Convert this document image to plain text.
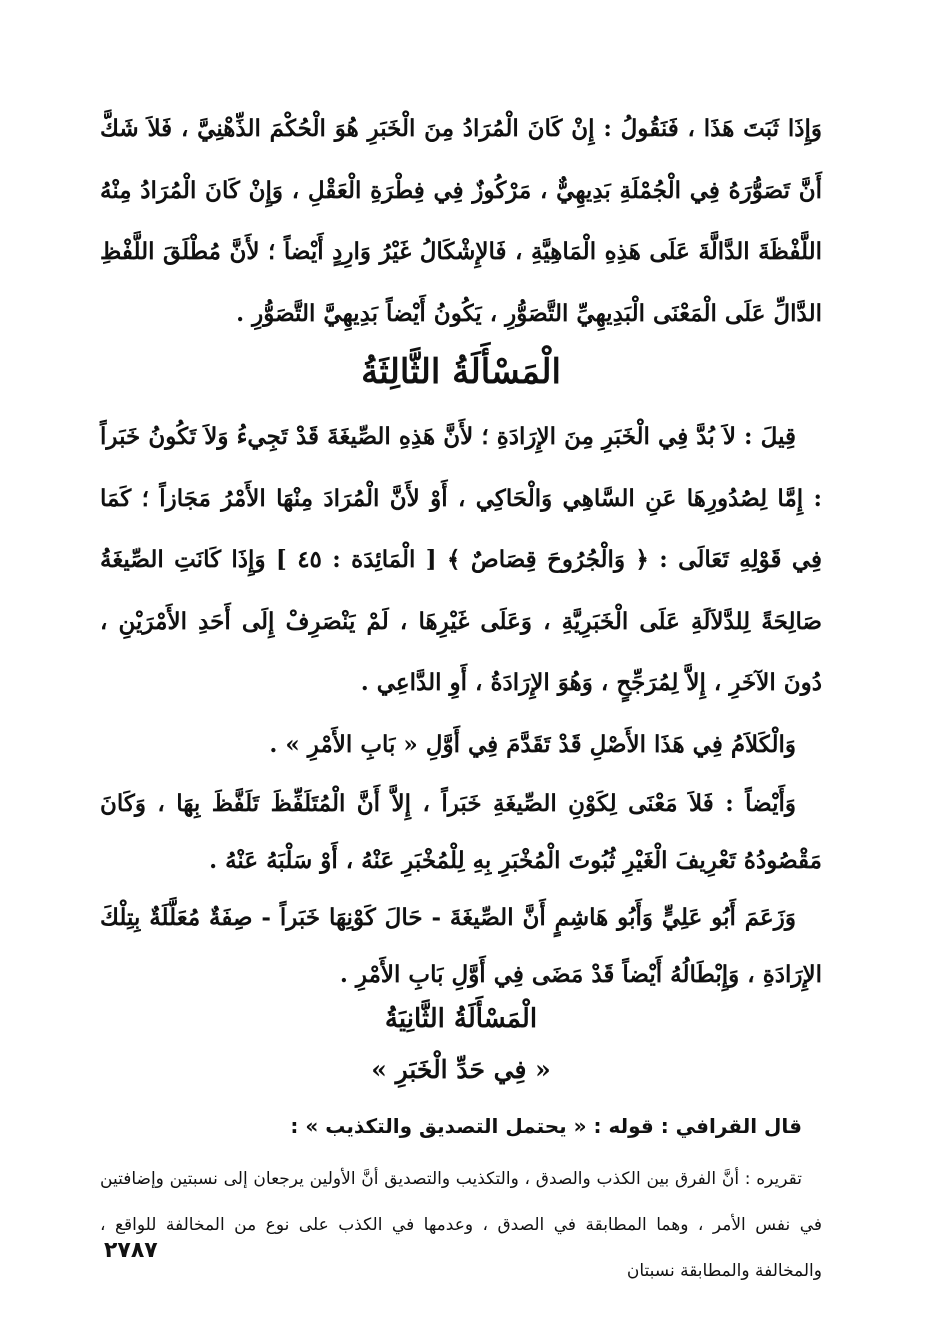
وَإِذَا ثَبَتَ هَذَا ، فَنَقُولُ : إِنْ كَانَ الْمُرَادُ مِنَ الْخَبَرِ هُوَ الْحُكْمَ الذِّهْنِيَّ ، فَلاَ شَكَّ أَنَّ تَصَوُّرَهُ فِي الْجُمْلَةِ بَدِيهِيٌّ ، مَرْكُوزٌ فِي فِطْرَةِ الْعَقْلِ ، وَإِنْ كَانَ الْمُرَادُ مِنْهُ اللَّفْظَةَ الدَّالَّةَ عَلَى هَذِهِ الْمَاهِيَّةِ ، فَالإِشْكَالُ غَيْرُ وَارِدٍ أَيْضاً ؛ لأَنَّ مُطْلَقَ اللَّفْظِ الدَّالِّ عَلَى الْمَعْنَى الْبَدِيهِيِّ التَّصَوُّرِ ، يَكُونُ أَيْضاً بَدِيهِيَّ التَّصَوُّرِ .

الْمَسْأَلَةُ الثَّالِثَةُ

قِيلَ : لاَ بُدَّ فِي الْخَبَرِ مِنَ الإِرَادَةِ ؛ لأَنَّ هَذِهِ الصِّيغَةَ قَدْ تَجِيءُ وَلاَ تَكُونُ خَبَراً : إِمَّا لِصُدُورِهَا عَنِ السَّاهِي وَالْحَاكِي ، أَوْ لأَنَّ الْمُرَادَ مِنْهَا الأَمْرُ مَجَازاً ؛ كَمَا فِي قَوْلِهِ تَعَالَى : ﴿ وَالْجُرُوحَ قِصَاصٌ ﴾ [ الْمَائِدَة : ٤٥ ] وَإِذَا كَانَتِ الصِّيغَةُ صَالِحَةً لِلدَّلاَلَةِ عَلَى الْخَبَرِيَّةِ ، وَعَلَى غَيْرِهَا ، لَمْ يَنْصَرِفْ إِلَى أَحَدِ الأَمْرَيْنِ ، دُونَ الآخَرِ ، إِلاَّ لِمُرَجِّحٍ ، وَهُوَ الإِرَادَةُ ، أَوِ الدَّاعِي .

وَالْكَلاَمُ فِي هَذَا الأَصْلِ قَدْ تَقَدَّمَ فِي أَوَّلِ « بَابِ الأَمْرِ » .

وَأَيْضاً : فَلاَ مَعْنَى لِكَوْنِ الصِّيغَةِ خَبَراً ، إِلاَّ أَنَّ الْمُتَلَفِّظَ تَلَفَّظَ بِهَا ، وَكَانَ مَقْصُودُهُ تَعْرِيفَ الْغَيْرِ ثُبُوتَ الْمُخْبَرِ بِهِ لِلْمُخْبَرِ عَنْهُ ، أَوْ سَلْبَهُ عَنْهُ .

وَزَعَمَ أَبُو عَلِيٍّ وَأَبُو هَاشِمٍ أَنَّ الصِّيغَةَ - حَالَ كَوْنِهَا خَبَراً - صِفَةٌ مُعَلَّلَةٌ بِتِلْكَ الإِرَادَةِ ، وَإِبْطَالُهُ أَيْضاً قَدْ مَضَى فِي أَوَّلِ بَابِ الأَمْرِ .

الْمَسْأَلَةُ الثَّانِيَةُ
« فِي حَدِّ الْخَبَرِ »

قال القرافي : قوله : « يحتمل التصديق والتكذيب » :

تقريره : أنَّ الفرق بين الكذب والصدق ، والتكذيب والتصديق أنَّ الأولين يرجعان إلى نسبتين وإضافتين في نفس الأمر ، وهما المطابقة في الصدق ، وعدمها في الكذب على نوع من المخالفة للواقع ، والمخالفة والمطابقة نسبتان

٢٧٨٧
